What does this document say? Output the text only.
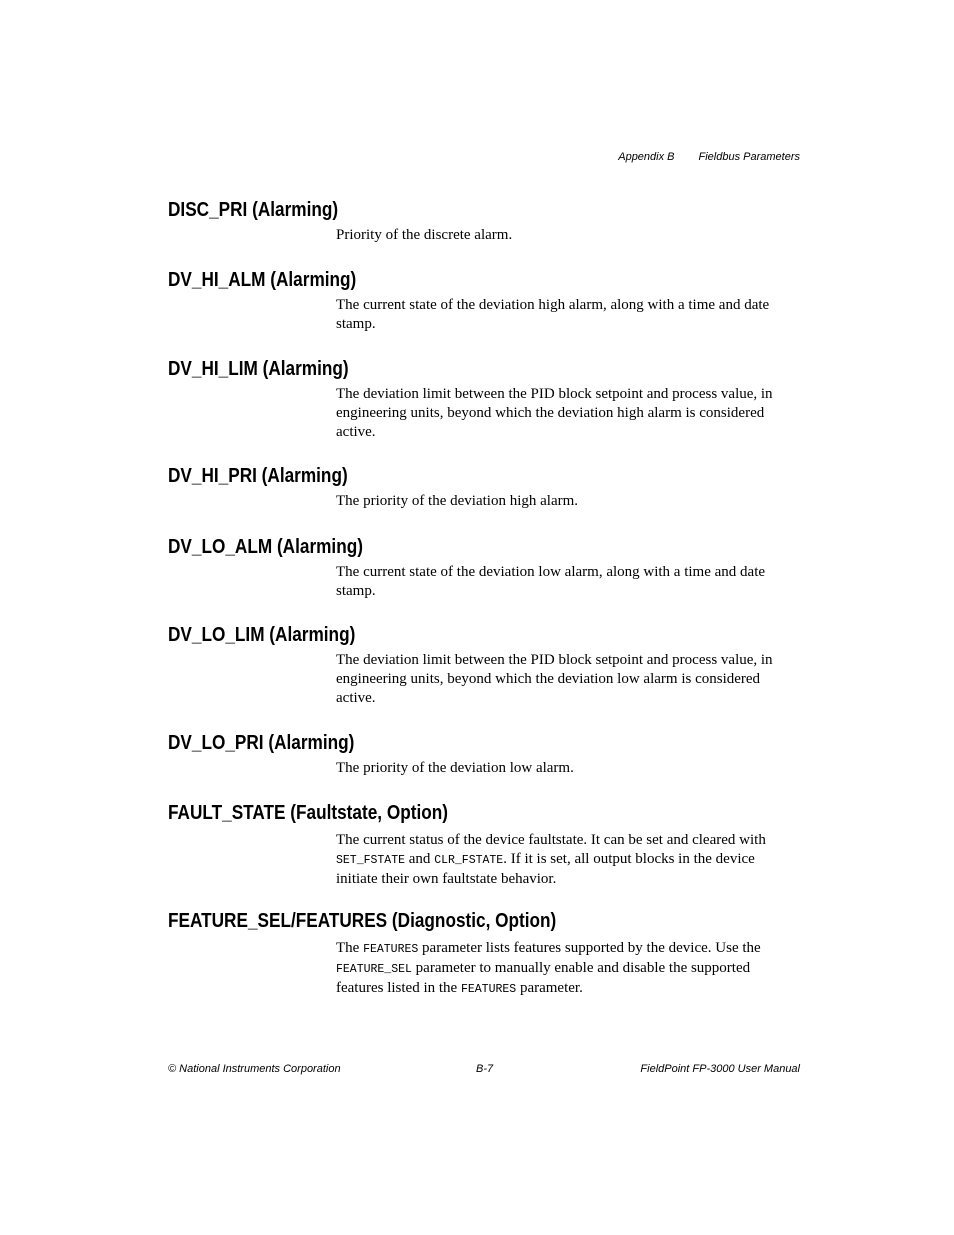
Appendix B Fieldbus Parameters
DISC_PRI (Alarming)

Priority of the discrete alarm.

DV_HI_ALM (Alarming)

The current state of the deviation high alarm, along with a time and date stamp.

DV_HI_LIM (Alarming)

The deviation limit between the PID block setpoint and process value, in engineering units, beyond which the deviation high alarm is considered active.

DV_HI_PRI (Alarming)

The priority of the deviation high alarm.

DV_LO_ALM (Alarming)

The current state of the deviation low alarm, along with a time and date stamp.

DV_LO_LIM (Alarming)

The deviation limit between the PID block setpoint and process value, in engineering units, beyond which the deviation low alarm is considered active.

DV_LO_PRI (Alarming)

The priority of the deviation low alarm.

FAULT_STATE (Faultstate, Option)

The current status of the device faultstate. It can be set and cleared with SET_FSTATE and CLR_FSTATE. If it is set, all output blocks in the device initiate their own faultstate behavior.

FEATURE_SEL/FEATURES (Diagnostic, Option)

The FEATURES parameter lists features supported by the device. Use the FEATURE_SEL parameter to manually enable and disable the supported features listed in the FEATURES parameter.

© National Instruments Corporation	B-7	FieldPoint FP-3000 User Manual
